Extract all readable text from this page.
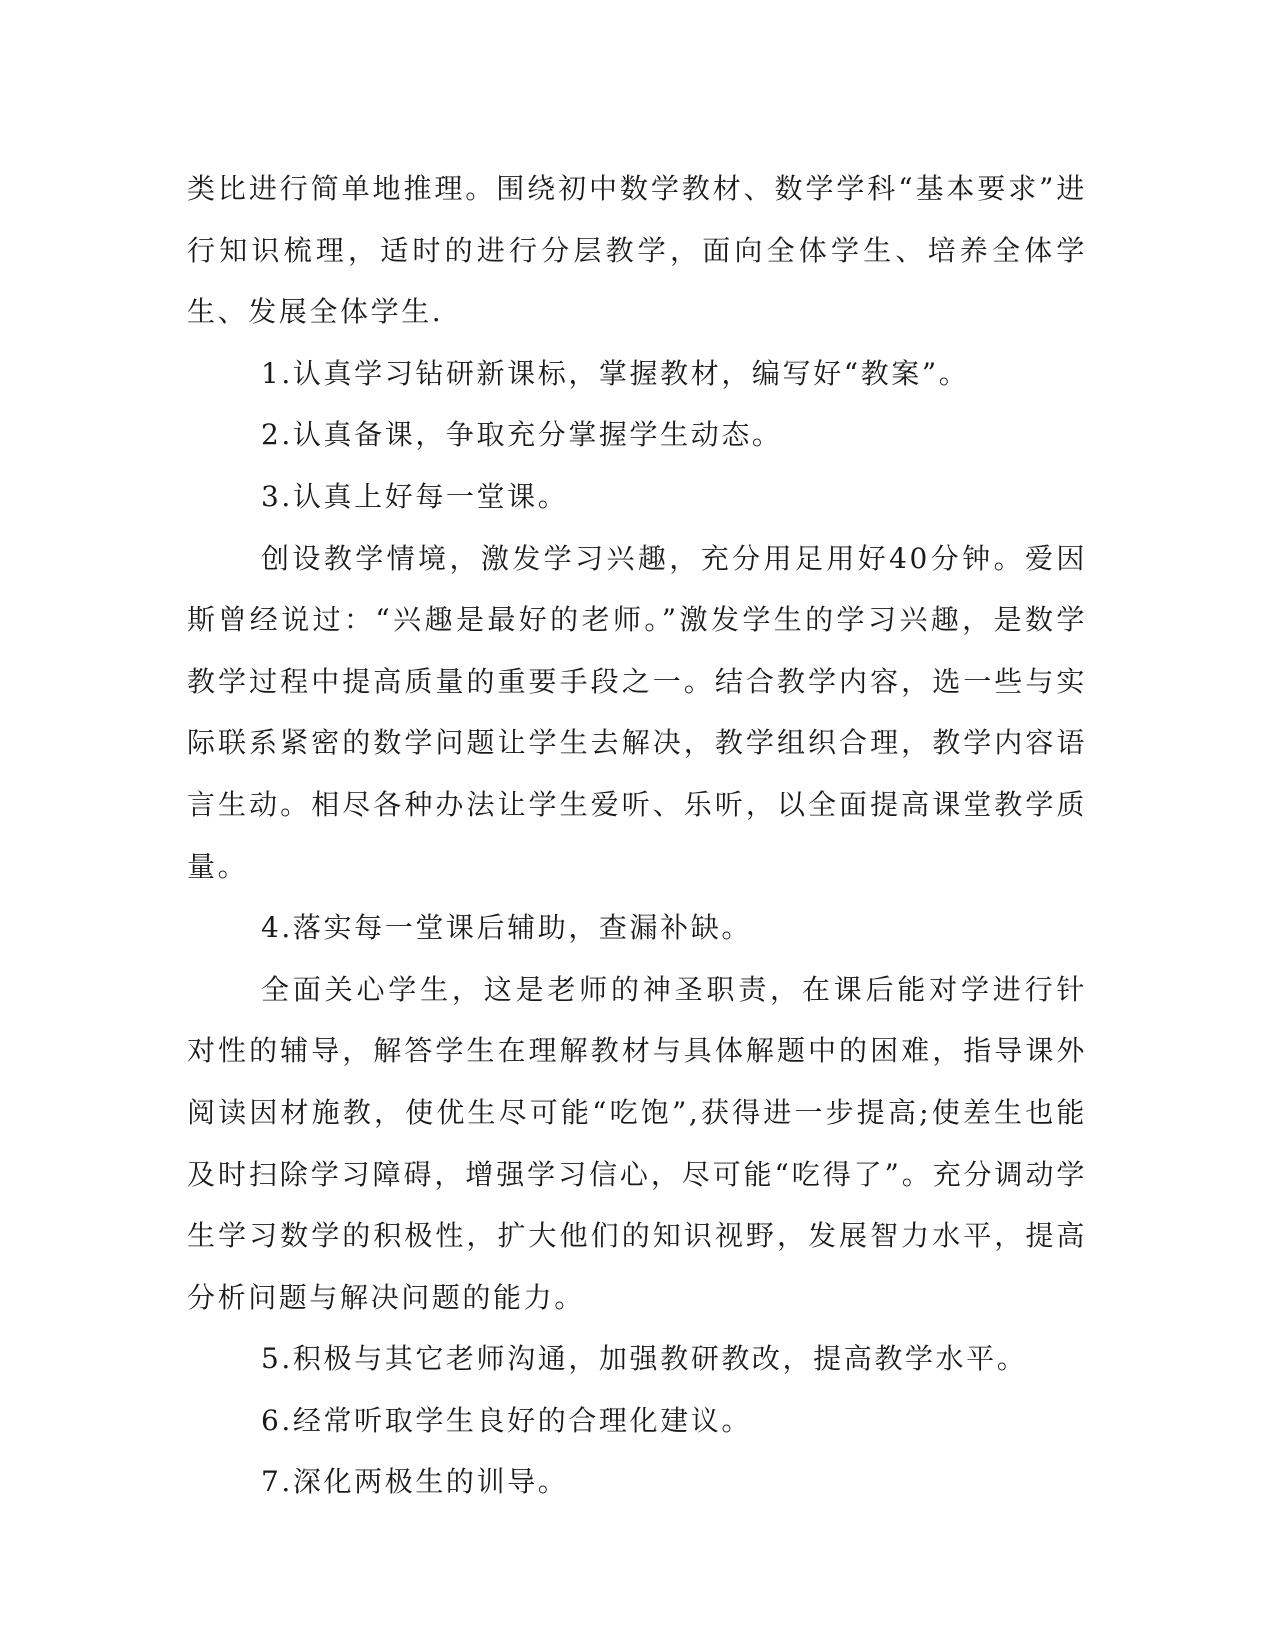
类比进行简单地推理。围绕初中数学教材、数学学科“基本要求”进行知识梳理，适时的进行分层教学，面向全体学生、培养全体学生、发展全体学生.

1.认真学习钻研新课标，掌握教材，编写好“教案”。

2.认真备课，争取充分掌握学生动态。

3.认真上好每一堂课。

创设教学情境，激发学习兴趣，充分用足用好40分钟。爱因斯曾经说过：“兴趣是最好的老师。”激发学生的学习兴趣，是数学教学过程中提高质量的重要手段之一。结合教学内容，选一些与实际联系紧密的数学问题让学生去解决，教学组织合理，教学内容语言生动。相尽各种办法让学生爱听、乐听，以全面提高课堂教学质量。

4.落实每一堂课后辅助，查漏补缺。

全面关心学生，这是老师的神圣职责，在课后能对学进行针对性的辅导，解答学生在理解教材与具体解题中的困难，指导课外阅读因材施教，使优生尽可能“吃饱”,获得进一步提高;使差生也能及时扫除学习障碍，增强学习信心，尽可能“吃得了”。充分调动学生学习数学的积极性，扩大他们的知识视野，发展智力水平，提高分析问题与解决问题的能力。

5.积极与其它老师沟通，加强教研教改，提高教学水平。

6.经常听取学生良好的合理化建议。

7.深化两极生的训导。
